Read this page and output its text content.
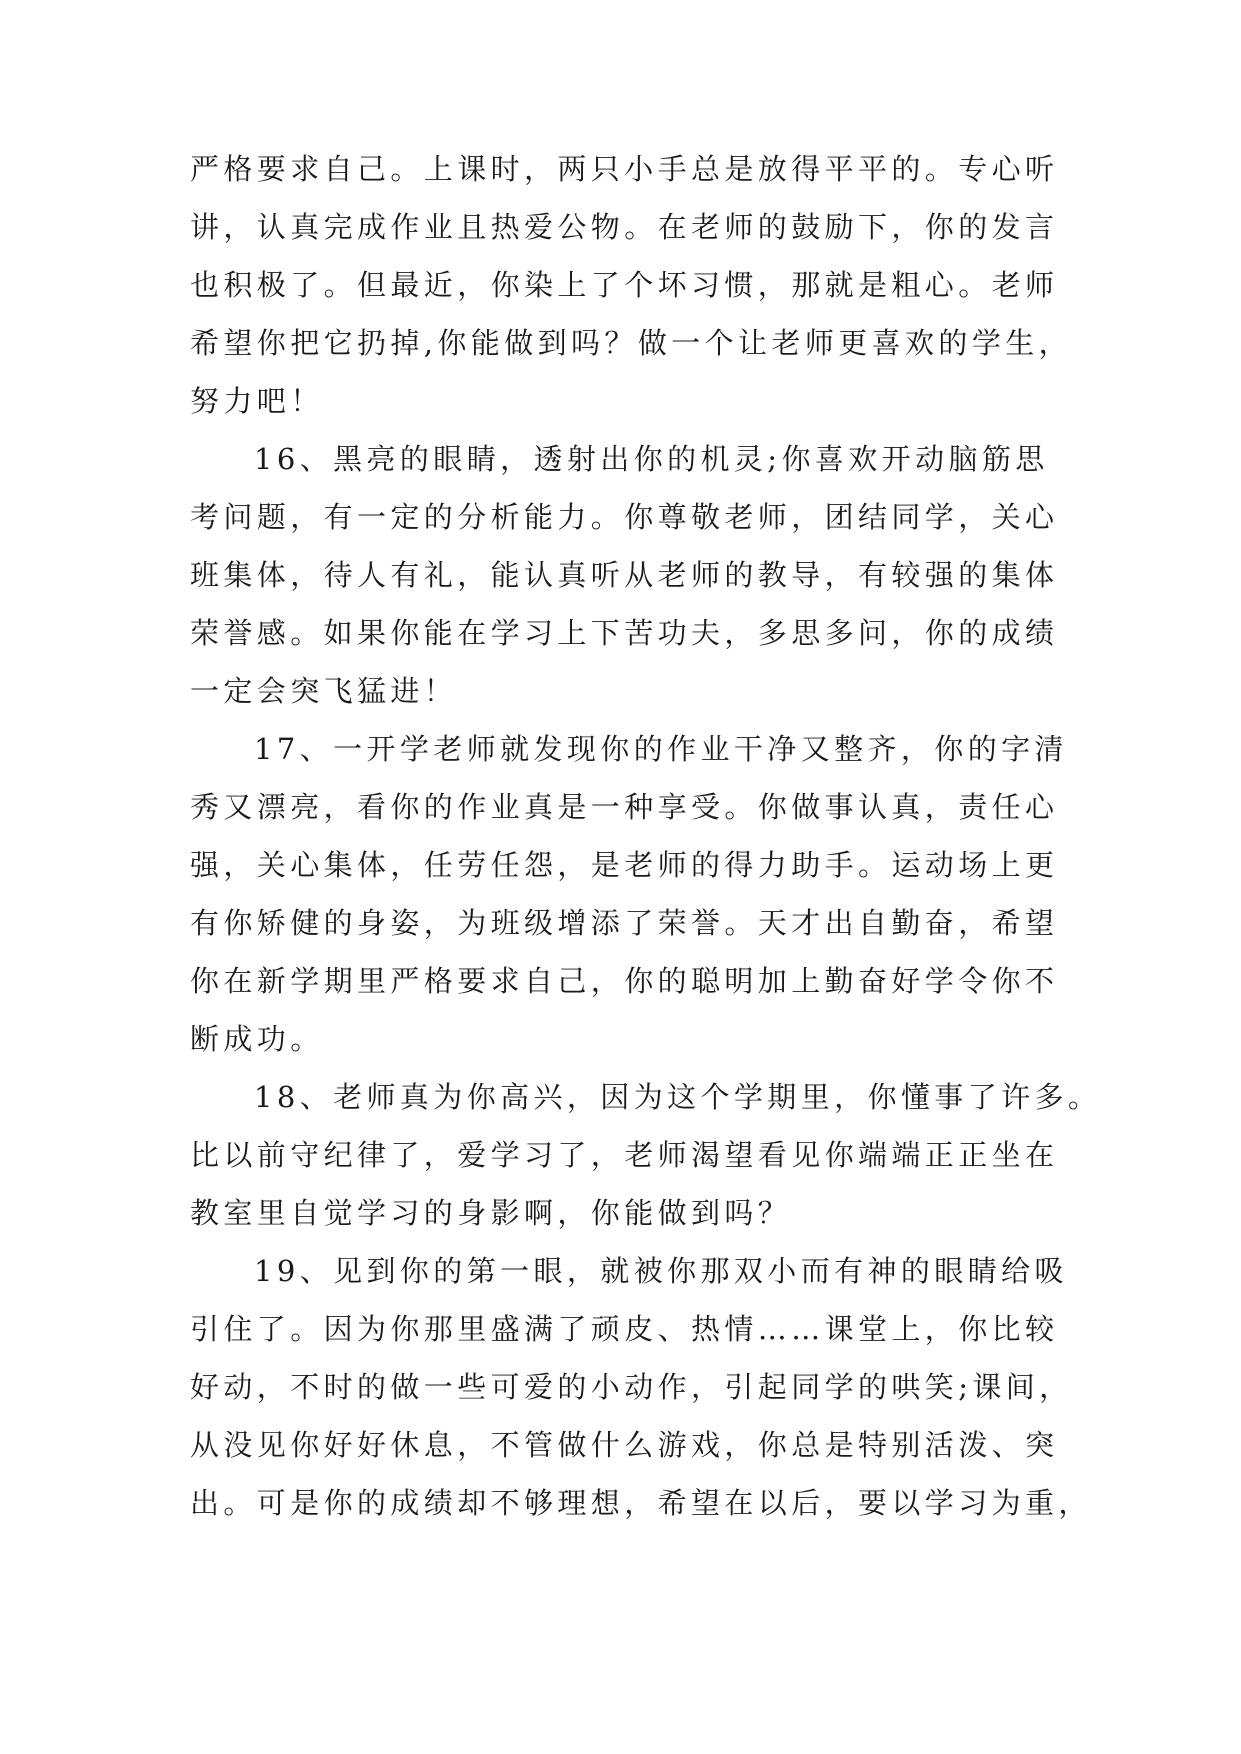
严格要求自己。上课时，两只小手总是放得平平的。专心听
讲，认真完成作业且热爱公物。在老师的鼓励下，你的发言
也积极了。但最近，你染上了个坏习惯，那就是粗心。老师
希望你把它扔掉,你能做到吗？做一个让老师更喜欢的学生，
努力吧！

16、黑亮的眼睛，透射出你的机灵;你喜欢开动脑筋思
考问题，有一定的分析能力。你尊敬老师，团结同学，关心
班集体，待人有礼，能认真听从老师的教导，有较强的集体
荣誉感。如果你能在学习上下苦功夫，多思多问，你的成绩
一定会突飞猛进！

17、一开学老师就发现你的作业干净又整齐，你的字清
秀又漂亮，看你的作业真是一种享受。你做事认真，责任心
强，关心集体，任劳任怨，是老师的得力助手。运动场上更
有你矫健的身姿，为班级增添了荣誉。天才出自勤奋，希望
你在新学期里严格要求自己，你的聪明加上勤奋好学令你不
断成功。

18、老师真为你高兴，因为这个学期里，你懂事了许多。
比以前守纪律了，爱学习了，老师渴望看见你端端正正坐在
教室里自觉学习的身影啊，你能做到吗？

19、见到你的第一眼，就被你那双小而有神的眼睛给吸
引住了。因为你那里盛满了顽皮、热情……课堂上，你比较
好动，不时的做一些可爱的小动作，引起同学的哄笑;课间，
从没见你好好休息，不管做什么游戏，你总是特别活泼、突
出。可是你的成绩却不够理想，希望在以后，要以学习为重，
